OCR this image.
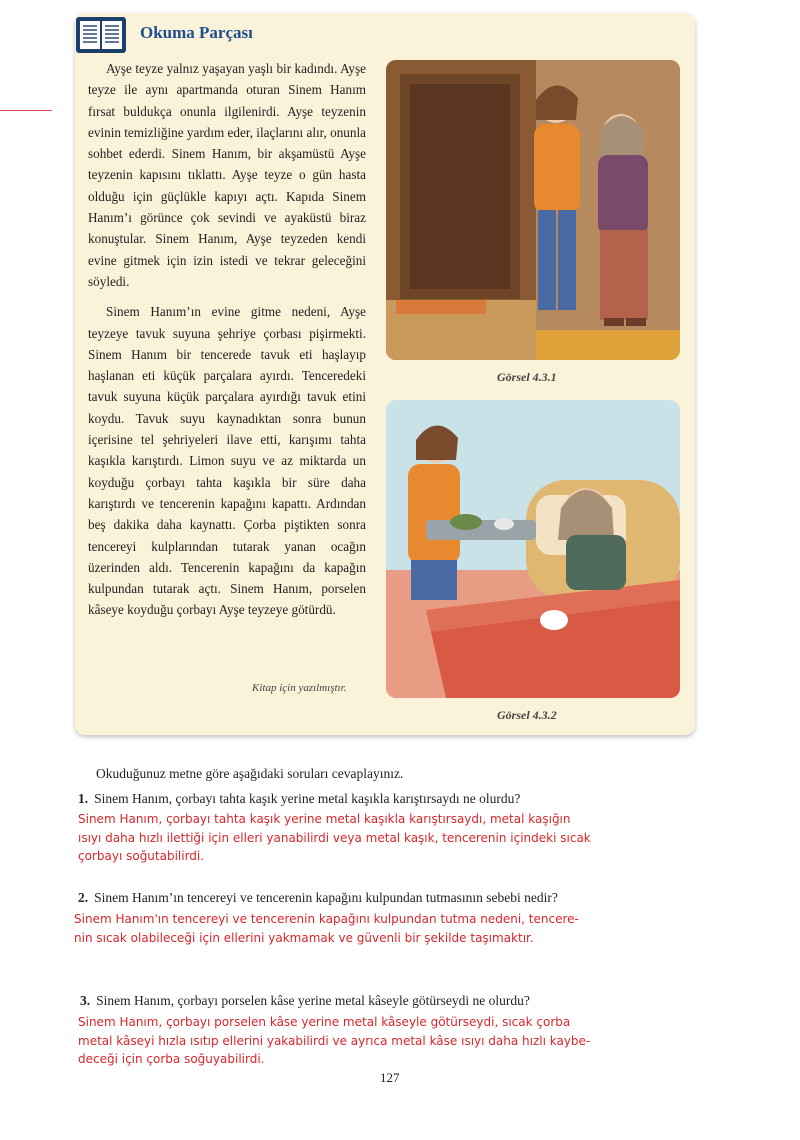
Okuma Parçası

Ayşe teyze yalnız yaşayan yaşlı bir kadındı. Ayşe teyze ile aynı apartmanda oturan Sinem Hanım fırsat buldukça onunla ilgilenirdi. Ayşe teyzenin evinin temizliğine yardım eder, ilaçlarını alır, onunla sohbet ederdi. Sinem Hanım, bir akşamüstü Ayşe teyzenin kapısını tıklattı. Ayşe teyze o gün hasta olduğu için güçlükle kapıyı açtı. Kapıda Sinem Hanım’ı görünce çok sevindi ve ayaküstü biraz konuştular. Sinem Hanım, Ayşe teyzeden kendi evine gitmek için izin istedi ve tekrar geleceğini söyledi.

Sinem Hanım’ın evine gitme nedeni, Ayşe teyzeye tavuk suyuna şehriye çorbası pişirmekti. Sinem Hanım bir tencerede tavuk eti haşlayıp haşlanan eti küçük parçalara ayırdı. Tenceredeki tavuk suyuna küçük parçalara ayırdığı tavuk etini koydu. Tavuk suyu kaynadıktan sonra bunun içerisine tel şehriyeleri ilave etti, karışımı tahta kaşıkla karıştırdı. Limon suyu ve az miktarda un koyduğu çorbayı tahta kaşıkla bir süre daha karıştırdı ve tencerenin kapağını kapattı. Ardından beş dakika daha kaynattı. Çorba piştikten sonra tencereyi kulplarından tutarak yanan ocağın üzerinden aldı. Tencerenin kapağını da kapağın kulpundan tutarak açtı. Sinem Hanım, porselen kâseye koyduğu çorbayı Ayşe teyzeye götürdü.

Kitap için yazılmıştır.
Görsel 4.3.1
Görsel 4.3.2
Okuduğunuz metne göre aşağıdaki soruları cevaplayınız.
1. Sinem Hanım, çorbayı tahta kaşık yerine metal kaşıkla karıştırsaydı ne olurdu?
Sinem Hanım, çorbayı tahta kaşık yerine metal kaşıkla karıştırsaydı, metal kaşığın
ısıyı daha hızlı ilettiği için elleri yanabilirdi veya metal kaşık, tencerenin içindeki sıcak
çorbayı soğutabilirdi.
2. Sinem Hanım’ın tencereyi ve tencerenin kapağını kulpundan tutmasının sebebi nedir?
Sinem Hanım'ın tencereyi ve tencerenin kapağını kulpundan tutma nedeni, tencere-
nin sıcak olabileceği için ellerini yakmamak ve güvenli bir şekilde taşımaktır.
3. Sinem Hanım, çorbayı porselen kâse yerine metal kâseyle götürseydi ne olurdu?
Sinem Hanım, çorbayı porselen kâse yerine metal kâseyle götürseydi, sıcak çorba
metal kâseyi hızla ısıtıp ellerini yakabilirdi ve ayrıca metal kâse ısıyı daha hızlı kaybe-
deceği için çorba soğuyabilirdi.
127
